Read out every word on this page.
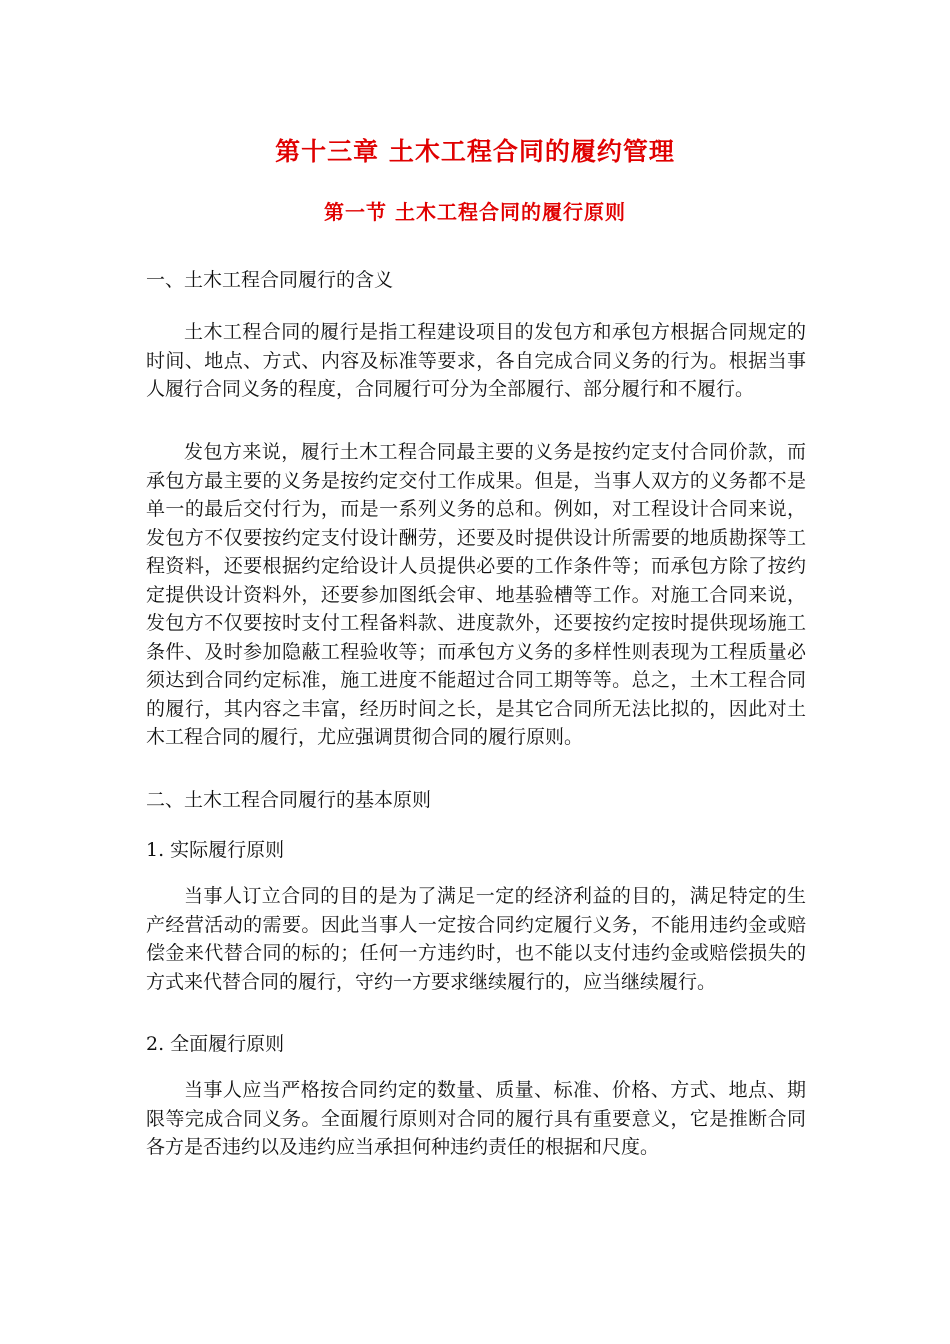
第十三章 土木工程合同的履约管理
第一节 土木工程合同的履行原则
一、土木工程合同履行的含义

土木工程合同的履行是指工程建设项目的发包方和承包方根据合同规定的时间、地点、方式、内容及标准等要求，各自完成合同义务的行为。根据当事人履行合同义务的程度，合同履行可分为全部履行、部分履行和不履行。

发包方来说，履行土木工程合同最主要的义务是按约定支付合同价款，而承包方最主要的义务是按约定交付工作成果。但是，当事人双方的义务都不是单一的最后交付行为，而是一系列义务的总和。例如，对工程设计合同来说，发包方不仅要按约定支付设计酬劳，还要及时提供设计所需要的地质勘探等工程资料，还要根据约定给设计人员提供必要的工作条件等；而承包方除了按约定提供设计资料外，还要参加图纸会审、地基验槽等工作。对施工合同来说，发包方不仅要按时支付工程备料款、进度款外，还要按约定按时提供现场施工条件、及时参加隐蔽工程验收等；而承包方义务的多样性则表现为工程质量必须达到合同约定标准，施工进度不能超过合同工期等等。总之，土木工程合同的履行，其内容之丰富，经历时间之长，是其它合同所无法比拟的，因此对土木工程合同的履行，尤应强调贯彻合同的履行原则。

二、土木工程合同履行的基本原则
1. 实际履行原则

当事人订立合同的目的是为了满足一定的经济利益的目的，满足特定的生产经营活动的需要。因此当事人一定按合同约定履行义务，不能用违约金或赔偿金来代替合同的标的；任何一方违约时，也不能以支付违约金或赔偿损失的方式来代替合同的履行，守约一方要求继续履行的，应当继续履行。

2. 全面履行原则

当事人应当严格按合同约定的数量、质量、标准、价格、方式、地点、期限等完成合同义务。全面履行原则对合同的履行具有重要意义，它是推断合同各方是否违约以及违约应当承担何种违约责任的根据和尺度。
